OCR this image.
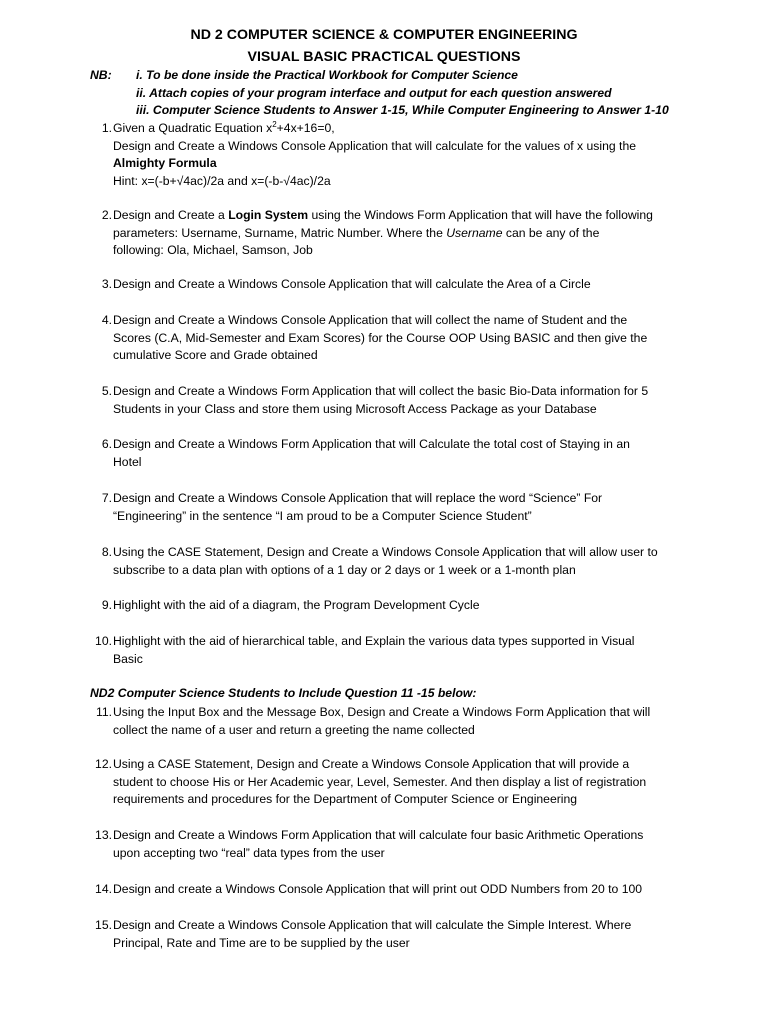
ND 2 COMPUTER SCIENCE & COMPUTER ENGINEERING
VISUAL BASIC PRACTICAL QUESTIONS
NB: i. To be done inside the Practical Workbook for Computer Science
ii. Attach copies of your program interface and output for each question answered
iii. Computer Science Students to Answer 1-15, While Computer Engineering to Answer 1-10
1. Given a Quadratic Equation $x^2+4x+16=0$,
Design and Create a Windows Console Application that will calculate for the values of x using the
Almighty Formula
Hint: x=(-b+√4ac)/2a and x=(-b-√4ac)/2a
2. Design and Create a Login System using the Windows Form Application that will have the following
parameters: Username, Surname, Matric Number. Where the Username can be any of the
following: Ola, Michael, Samson, Job
3. Design and Create a Windows Console Application that will calculate the Area of a Circle
4. Design and Create a Windows Console Application that will collect the name of Student and the
Scores (C.A, Mid-Semester and Exam Scores) for the Course OOP Using BASIC and then give the
cumulative Score and Grade obtained
5. Design and Create a Windows Form Application that will collect the basic Bio-Data information for 5
Students in your Class and store them using Microsoft Access Package as your Database
6. Design and Create a Windows Form Application that will Calculate the total cost of Staying in an
Hotel
7. Design and Create a Windows Console Application that will replace the word “Science” For
“Engineering” in the sentence “I am proud to be a Computer Science Student”
8. Using the CASE Statement, Design and Create a Windows Console Application that will allow user to
subscribe to a data plan with options of a 1 day or 2 days or 1 week or a 1-month plan
9. Highlight with the aid of a diagram, the Program Development Cycle
10. Highlight with the aid of hierarchical table, and Explain the various data types supported in Visual
Basic
ND2 Computer Science Students to Include Question 11 -15 below:
11. Using the Input Box and the Message Box, Design and Create a Windows Form Application that will
collect the name of a user and return a greeting the name collected
12. Using a CASE Statement, Design and Create a Windows Console Application that will provide a
student to choose His or Her Academic year, Level, Semester. And then display a list of registration
requirements and procedures for the Department of Computer Science or Engineering
13. Design and Create a Windows Form Application that will calculate four basic Arithmetic Operations
upon accepting two “real” data types from the user
14. Design and create a Windows Console Application that will print out ODD Numbers from 20 to 100
15. Design and Create a Windows Console Application that will calculate the Simple Interest. Where
Principal, Rate and Time are to be supplied by the user
